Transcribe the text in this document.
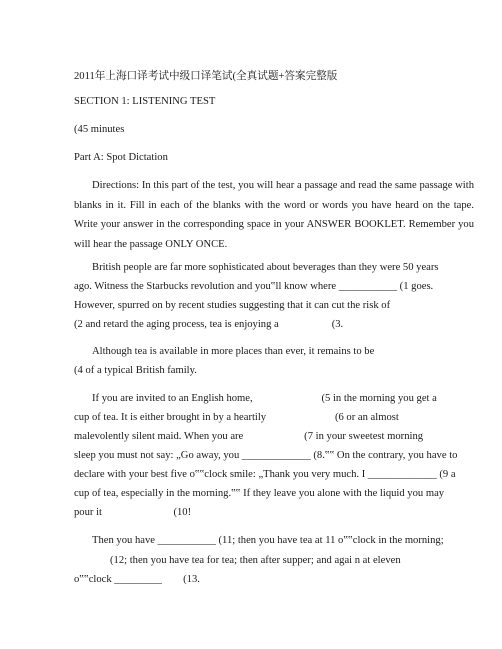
2011年上海口译考试中级口译笔试(全真试题+答案完整版
SECTION 1: LISTENING TEST
(45 minutes
Part A: Spot Dictation

Directions: In this part of the test, you will hear a passage and read the same passage with blanks in it. Fill in each of the blanks with the word or words you have heard on the tape. Write your answer in the corresponding space in your ANSWER BOOKLET. Remember you will hear the passage ONLY ONCE.

British people are far more sophisticated about beverages than they were 50 years
ago. Witness the Starbucks revolution and you‟ll know where ___________ (1 goes.
However, spurred on by recent studies suggesting that it can cut the risk of
(2 and retard the aging process, tea is enjoying a                    (3.
Although tea is available in more places than ever, it remains to be
(4 of a typical British family.
If you are invited to an English home,                          (5 in the morning you get a
cup of tea. It is either brought in by a heartily                          (6 or an almost
malevolently silent maid. When you are                       (7 in your sweetest morning
sleep you must not say: „Go away, you _____________ (8.‟‟ On the contrary, you have to
declare with your best five o‟‟clock smile: „Thank you very much. I _____________ (9 a
cup of tea, especially in the morning.‟‟ If they leave you alone with the liquid you may
pour it                           (10!
Then you have ___________ (11; then you have tea at 11 o‟‟clock in the morning;
(12; then you have tea for tea; then after supper; and agai n at eleven
o‟‟clock _________        (13.
